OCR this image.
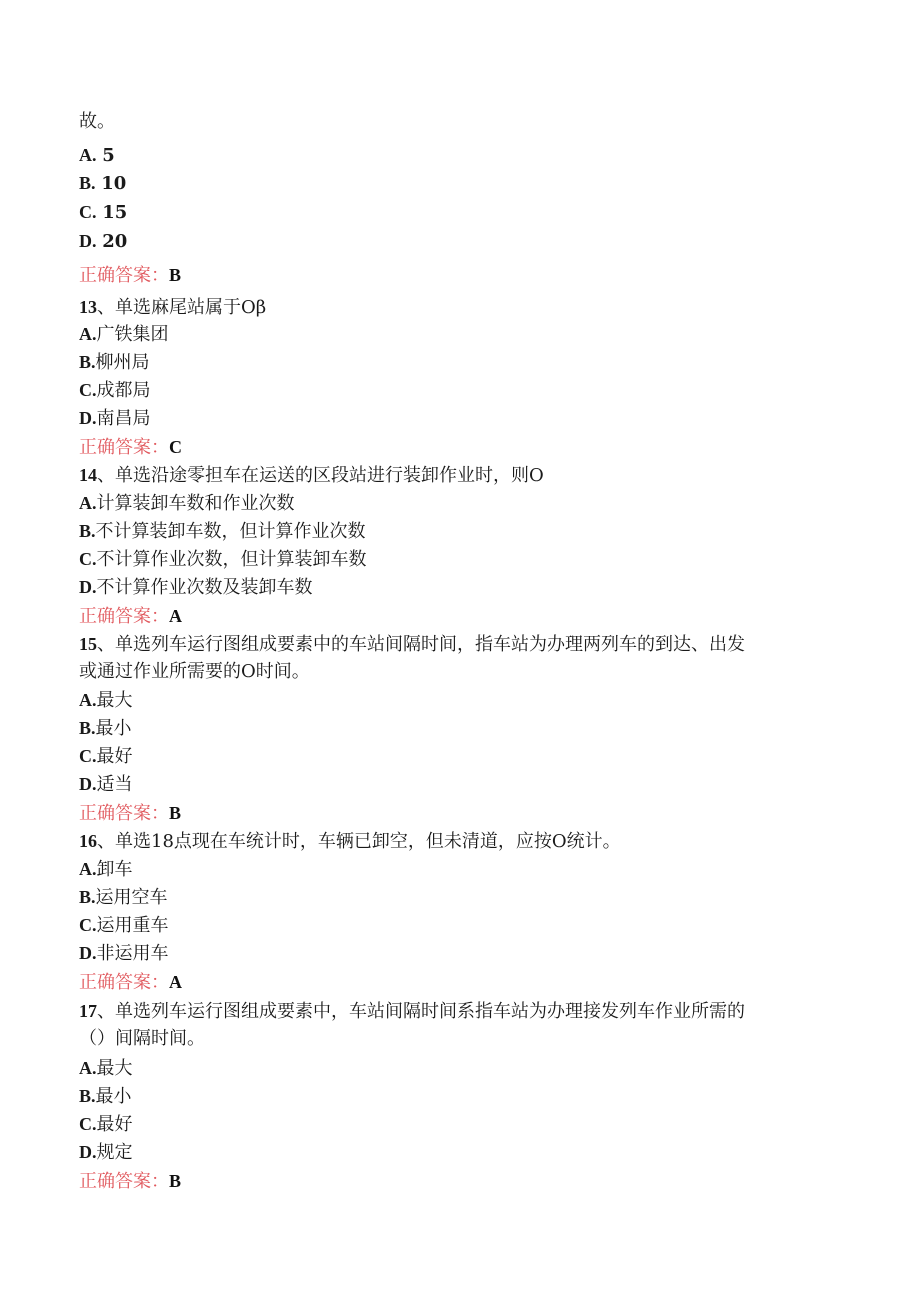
故。
A. 5
B. 10
C. 15
D. 20
正确答案：B
13、单选麻尾站属于Oβ
A.广铁集团
B.柳州局
C.成都局
D.南昌局
正确答案：C
14、单选沿途零担车在运送的区段站进行装卸作业时，则O
A.计算装卸车数和作业次数
B.不计算装卸车数，但计算作业次数
C.不计算作业次数，但计算装卸车数
D.不计算作业次数及装卸车数
正确答案：A
15、单选列车运行图组成要素中的车站间隔时间，指车站为办理两列车的到达、出发
或通过作业所需要的O时间。
A.最大
B.最小
C.最好
D.适当
正确答案：B
16、单选18点现在车统计时，车辆已卸空，但未清道，应按O统计。
A.卸车
B.运用空车
C.运用重车
D.非运用车
正确答案：A
17、单选列车运行图组成要素中，车站间隔时间系指车站为办理接发列车作业所需的
（）间隔时间。
A.最大
B.最小
C.最好
D.规定
正确答案：B
